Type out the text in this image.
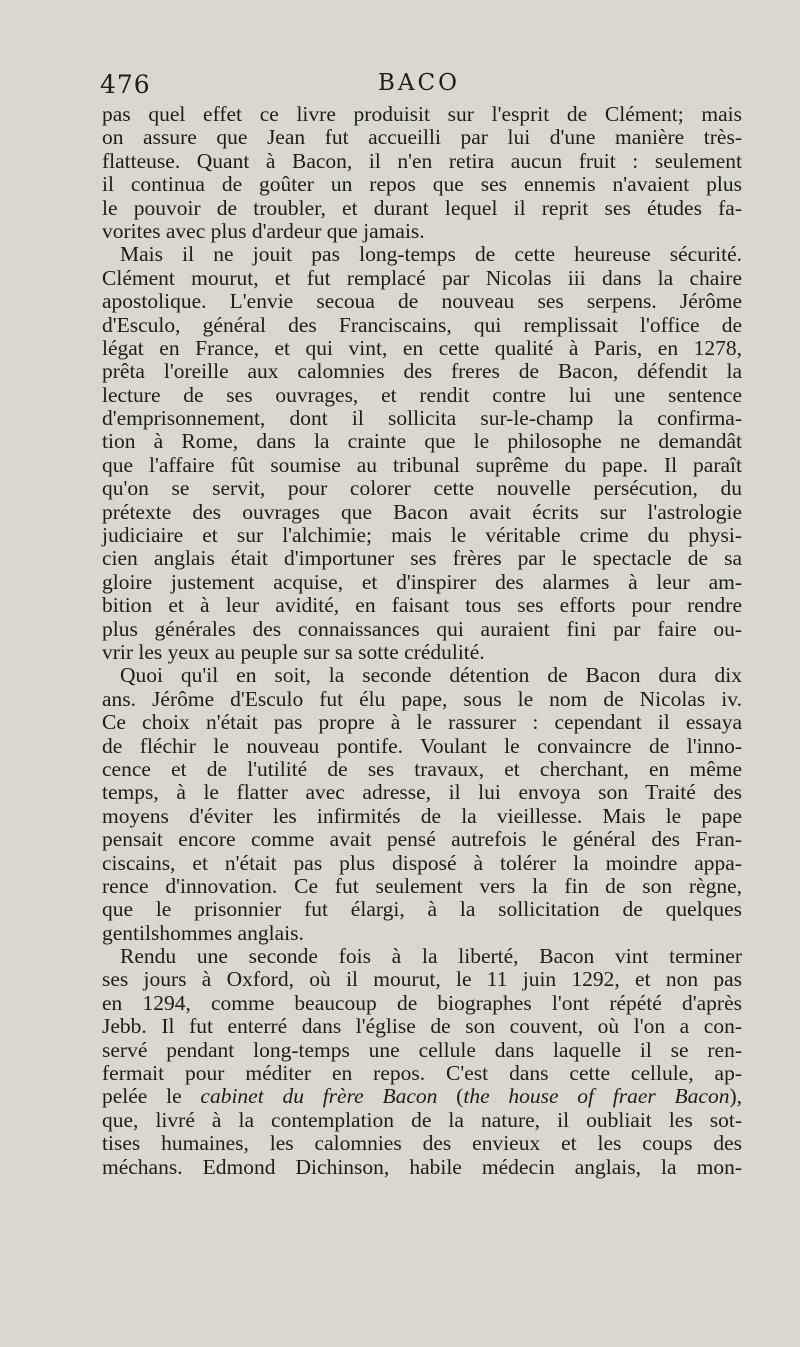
476	BACO
pas quel effet ce livre produisit sur l'esprit de Clément; mais
on assure que Jean fut accueilli par lui d'une manière très-
flatteuse. Quant à Bacon, il n'en retira aucun fruit : seulement
il continua de goûter un repos que ses ennemis n'avaient plus
le pouvoir de troubler, et durant lequel il reprit ses études fa-
vorites avec plus d'ardeur que jamais.
Mais il ne jouit pas long-temps de cette heureuse sécurité.
Clément mourut, et fut remplacé par Nicolas iii dans la chaire
apostolique. L'envie secoua de nouveau ses serpens. Jérôme
d'Esculo, général des Franciscains, qui remplissait l'office de
légat en France, et qui vint, en cette qualité à Paris, en 1278,
prêta l'oreille aux calomnies des freres de Bacon, défendit la
lecture de ses ouvrages, et rendit contre lui une sentence
d'emprisonnement, dont il sollicita sur-le-champ la confirma-
tion à Rome, dans la crainte que le philosophe ne demandât
que l'affaire fût soumise au tribunal suprême du pape. Il paraît
qu'on se servit, pour colorer cette nouvelle persécution, du
prétexte des ouvrages que Bacon avait écrits sur l'astrologie
judiciaire et sur l'alchimie; mais le véritable crime du physi-
cien anglais était d'importuner ses frères par le spectacle de sa
gloire justement acquise, et d'inspirer des alarmes à leur am-
bition et à leur avidité, en faisant tous ses efforts pour rendre
plus générales des connaissances qui auraient fini par faire ou-
vrir les yeux au peuple sur sa sotte crédulité.
Quoi qu'il en soit, la seconde détention de Bacon dura dix
ans. Jérôme d'Esculo fut élu pape, sous le nom de Nicolas iv.
Ce choix n'était pas propre à le rassurer : cependant il essaya
de fléchir le nouveau pontife. Voulant le convaincre de l'inno-
cence et de l'utilité de ses travaux, et cherchant, en même
temps, à le flatter avec adresse, il lui envoya son Traité des
moyens d'éviter les infirmités de la vieillesse. Mais le pape
pensait encore comme avait pensé autrefois le général des Fran-
ciscains, et n'était pas plus disposé à tolérer la moindre appa-
rence d'innovation. Ce fut seulement vers la fin de son règne,
que le prisonnier fut élargi, à la sollicitation de quelques
gentilshommes anglais.
Rendu une seconde fois à la liberté, Bacon vint terminer
ses jours à Oxford, où il mourut, le 11 juin 1292, et non pas
en 1294, comme beaucoup de biographes l'ont répété d'après
Jebb. Il fut enterré dans l'église de son couvent, où l'on a con-
servé pendant long-temps une cellule dans laquelle il se ren-
fermait pour méditer en repos. C'est dans cette cellule, ap-
pelée le cabinet du frère Bacon (the house of fraer Bacon),
que, livré à la contemplation de la nature, il oubliait les sot-
tises humaines, les calomnies des envieux et les coups des
méchans. Edmond Dichinson, habile médecin anglais, la mon-
